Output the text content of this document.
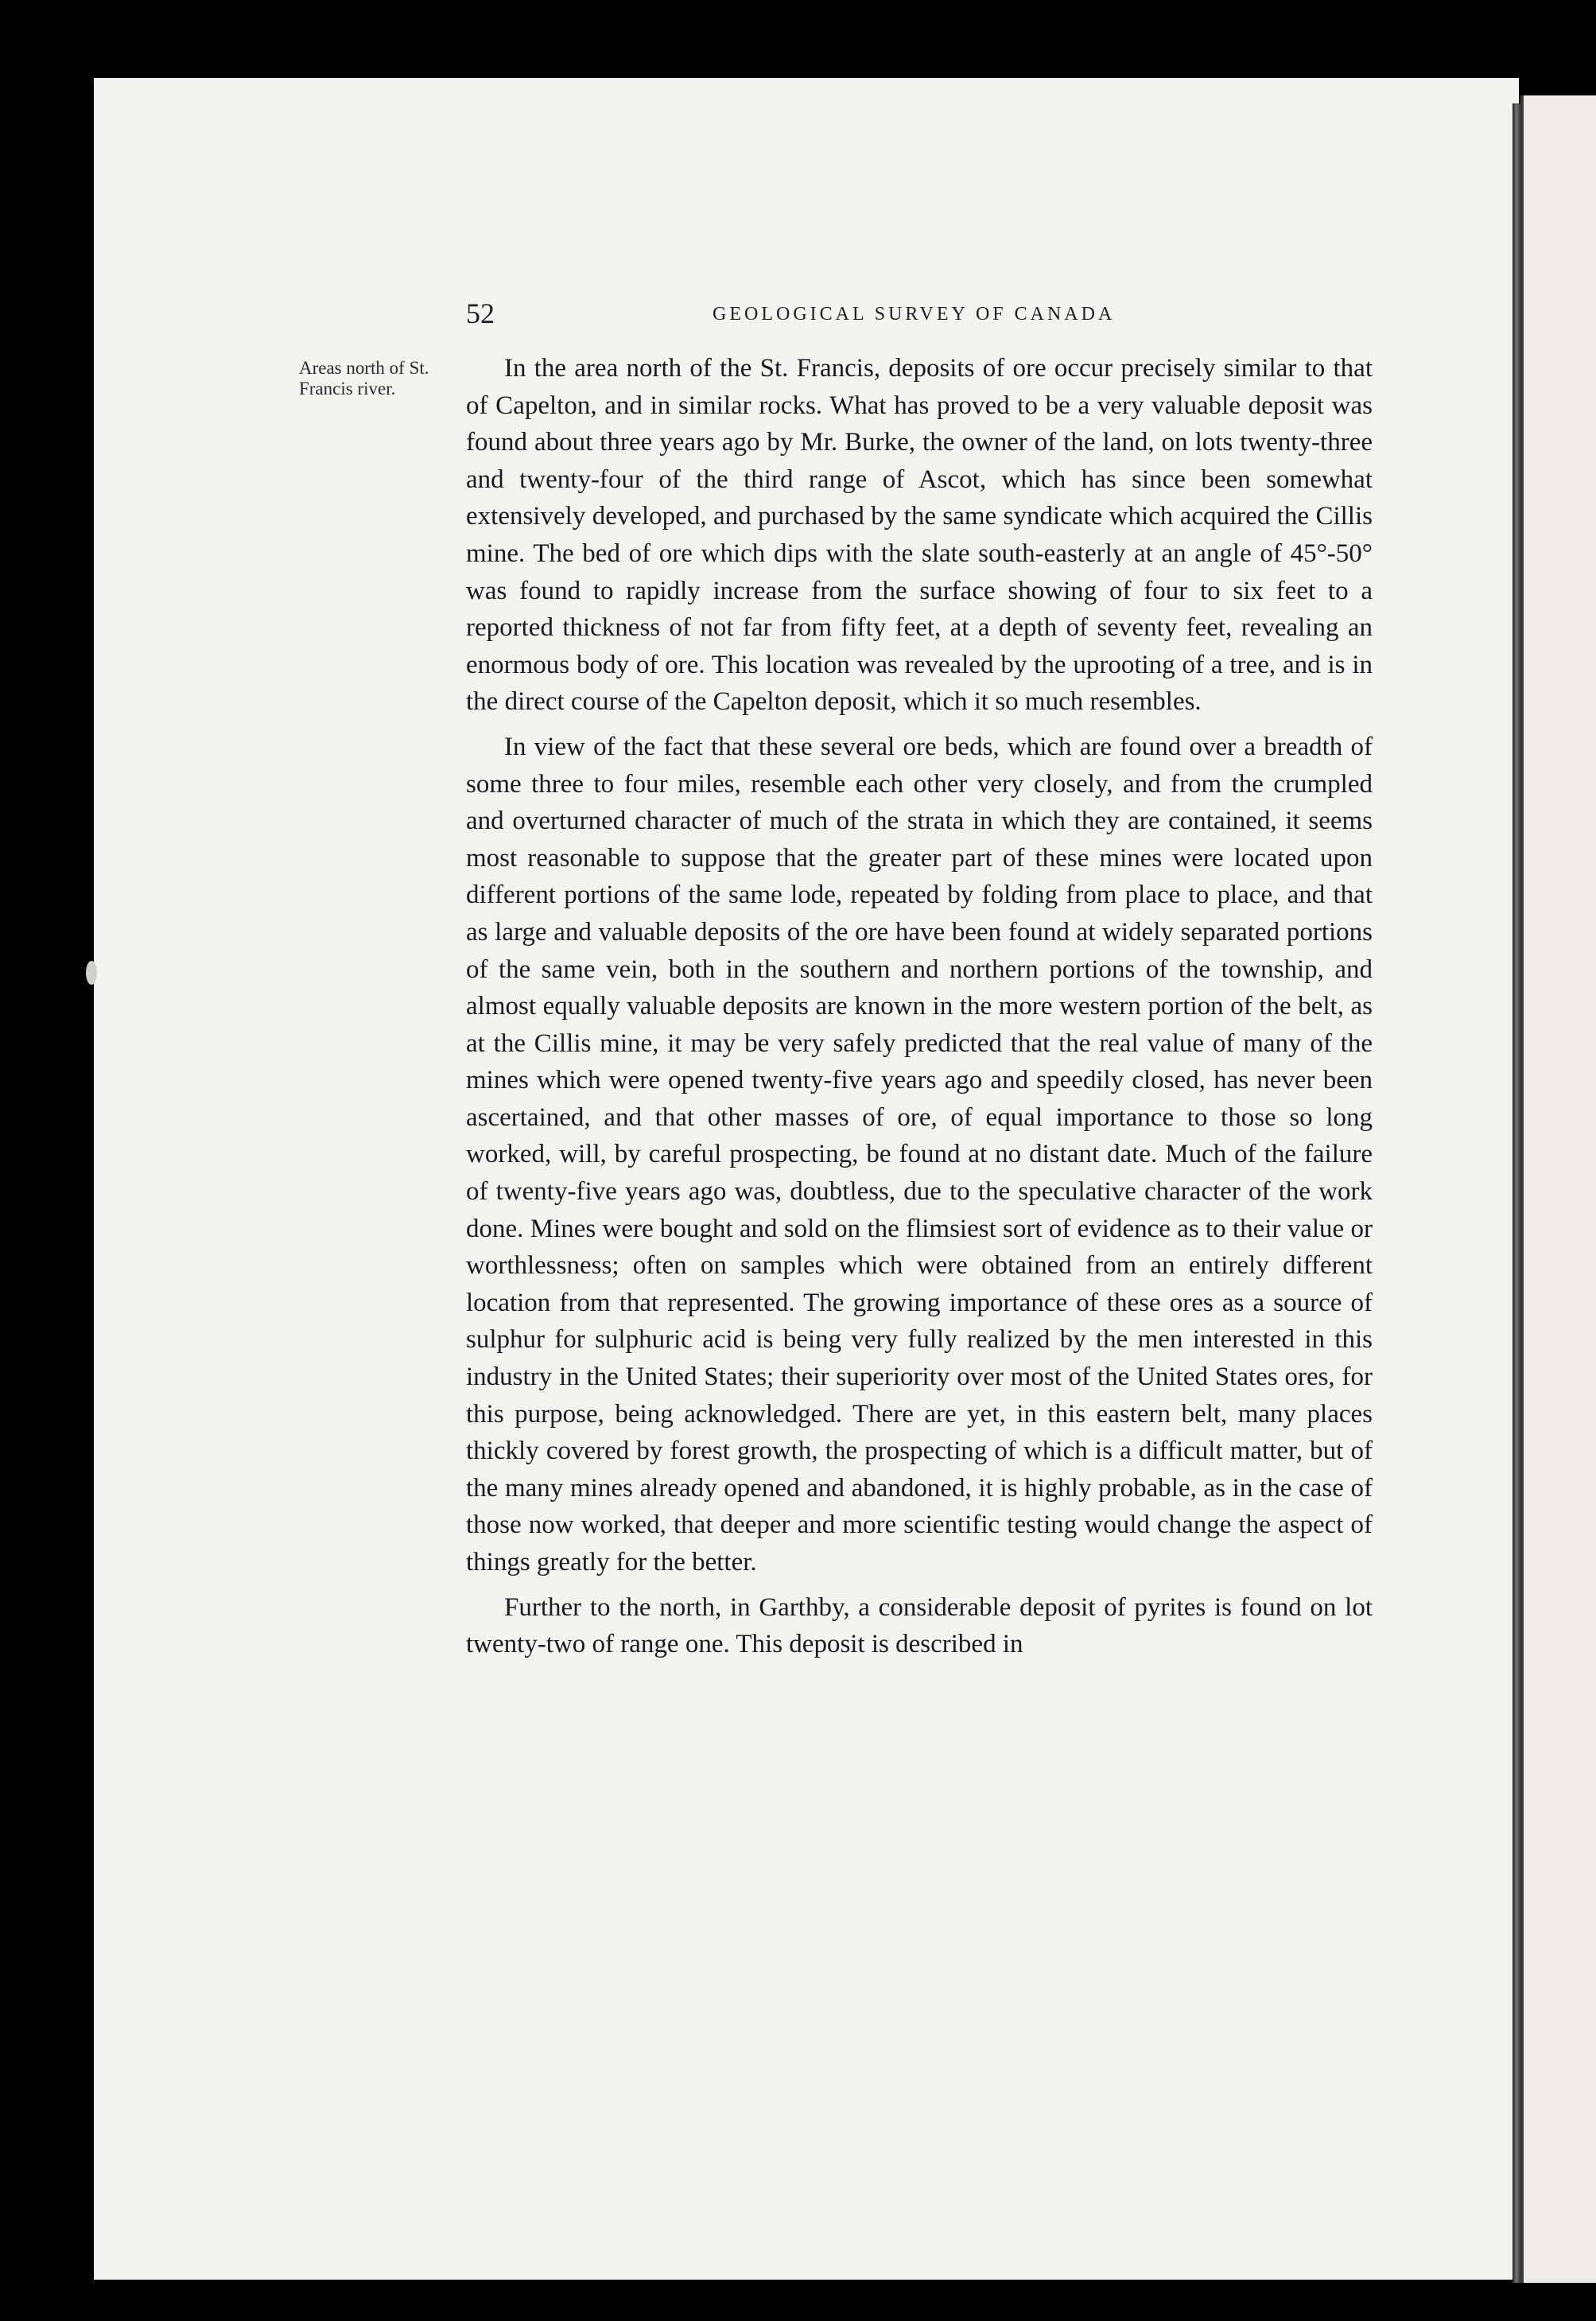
52	GEOLOGICAL SURVEY OF CANADA
Areas north of St. Francis river.

In the area north of the St. Francis, deposits of ore occur precisely similar to that of Capelton, and in similar rocks. What has proved to be a very valuable deposit was found about three years ago by Mr. Burke, the owner of the land, on lots twenty-three and twenty-four of the third range of Ascot, which has since been somewhat extensively developed, and purchased by the same syndicate which acquired the Cillis mine. The bed of ore which dips with the slate south-easterly at an angle of 45°-50° was found to rapidly increase from the surface showing of four to six feet to a reported thickness of not far from fifty feet, at a depth of seventy feet, revealing an enormous body of ore. This location was revealed by the uprooting of a tree, and is in the direct course of the Capelton deposit, which it so much resembles.

In view of the fact that these several ore beds, which are found over a breadth of some three to four miles, resemble each other very closely, and from the crumpled and overturned character of much of the strata in which they are contained, it seems most reasonable to suppose that the greater part of these mines were located upon different portions of the same lode, repeated by folding from place to place, and that as large and valuable deposits of the ore have been found at widely separated portions of the same vein, both in the southern and northern portions of the township, and almost equally valuable deposits are known in the more western portion of the belt, as at the Cillis mine, it may be very safely predicted that the real value of many of the mines which were opened twenty-five years ago and speedily closed, has never been ascertained, and that other masses of ore, of equal importance to those so long worked, will, by careful prospecting, be found at no distant date. Much of the failure of twenty-five years ago was, doubtless, due to the speculative character of the work done. Mines were bought and sold on the flimsiest sort of evidence as to their value or worthlessness; often on samples which were obtained from an entirely different location from that represented. The growing importance of these ores as a source of sulphur for sulphuric acid is being very fully realized by the men interested in this industry in the United States; their superiority over most of the United States ores, for this purpose, being acknowledged. There are yet, in this eastern belt, many places thickly covered by forest growth, the prospecting of which is a difficult matter, but of the many mines already opened and abandoned, it is highly probable, as in the case of those now worked, that deeper and more scientific testing would change the aspect of things greatly for the better.

Further to the north, in Garthby, a considerable deposit of pyrites is found on lot twenty-two of range one. This deposit is described in
